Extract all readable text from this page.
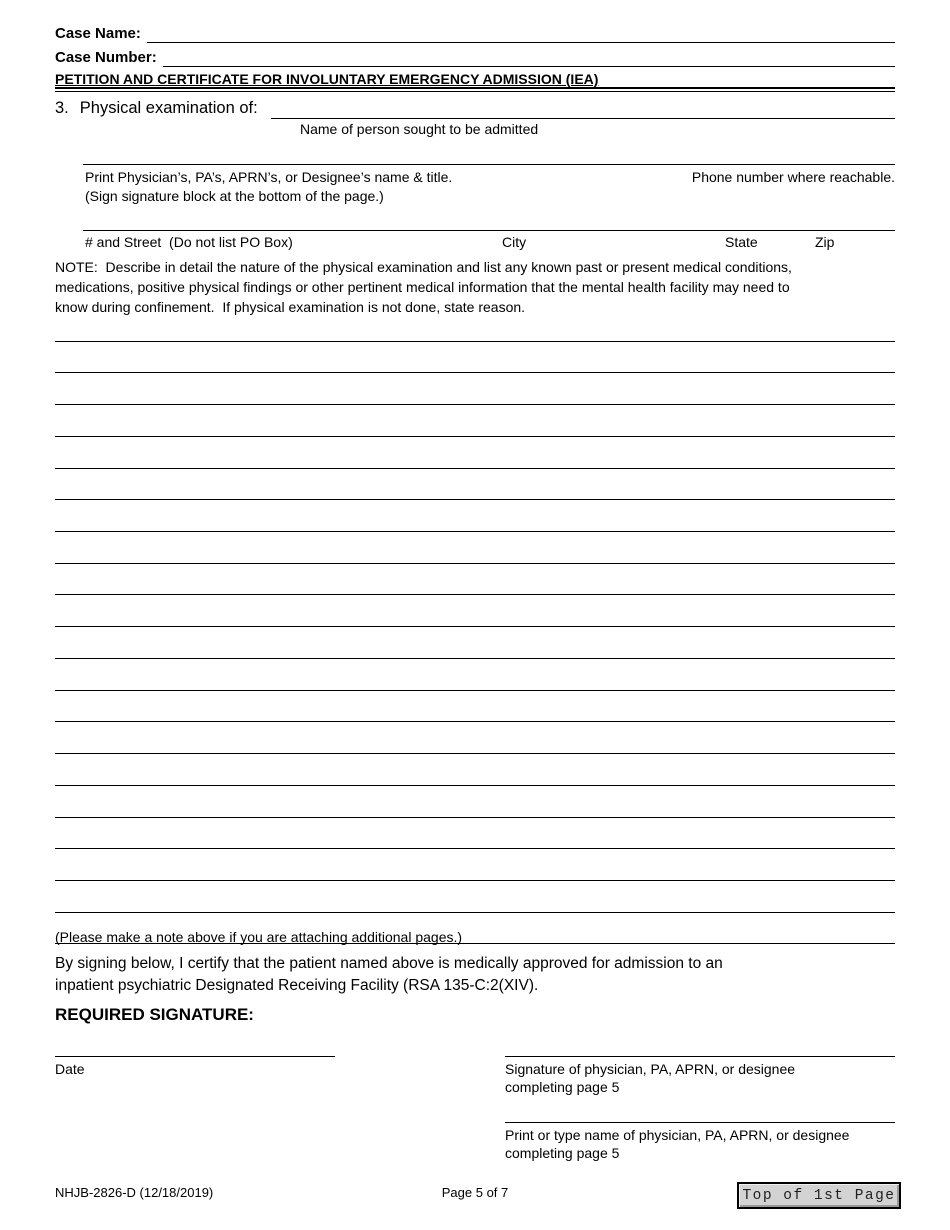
Case Name:
Case Number:
PETITION AND CERTIFICATE FOR INVOLUNTARY EMERGENCY ADMISSION (IEA)
3. Physical examination of:
Name of person sought to be admitted
Print Physician’s, PA’s, APRN’s, or Designee’s name & title.
(Sign signature block at the bottom of the page.)
Phone number where reachable.
# and Street  (Do not list PO Box)	City	State	Zip
NOTE:  Describe in detail the nature of the physical examination and list any known past or present medical conditions,
medications, positive physical findings or other pertinent medical information that the mental health facility may need to
know during confinement.  If physical examination is not done, state reason.
(Please make a note above if you are attaching additional pages.)
By signing below, I certify that the patient named above is medically approved for admission to an
inpatient psychiatric Designated Receiving Facility (RSA 135-C:2(XIV).
REQUIRED SIGNATURE:
Date	Signature of physician, PA, APRN, or designee
completing page 5
Print or type name of physician, PA, APRN, or designee
completing page 5
NHJB-2826-D (12/18/2019)	Page 5 of 7	Top of 1st Page
